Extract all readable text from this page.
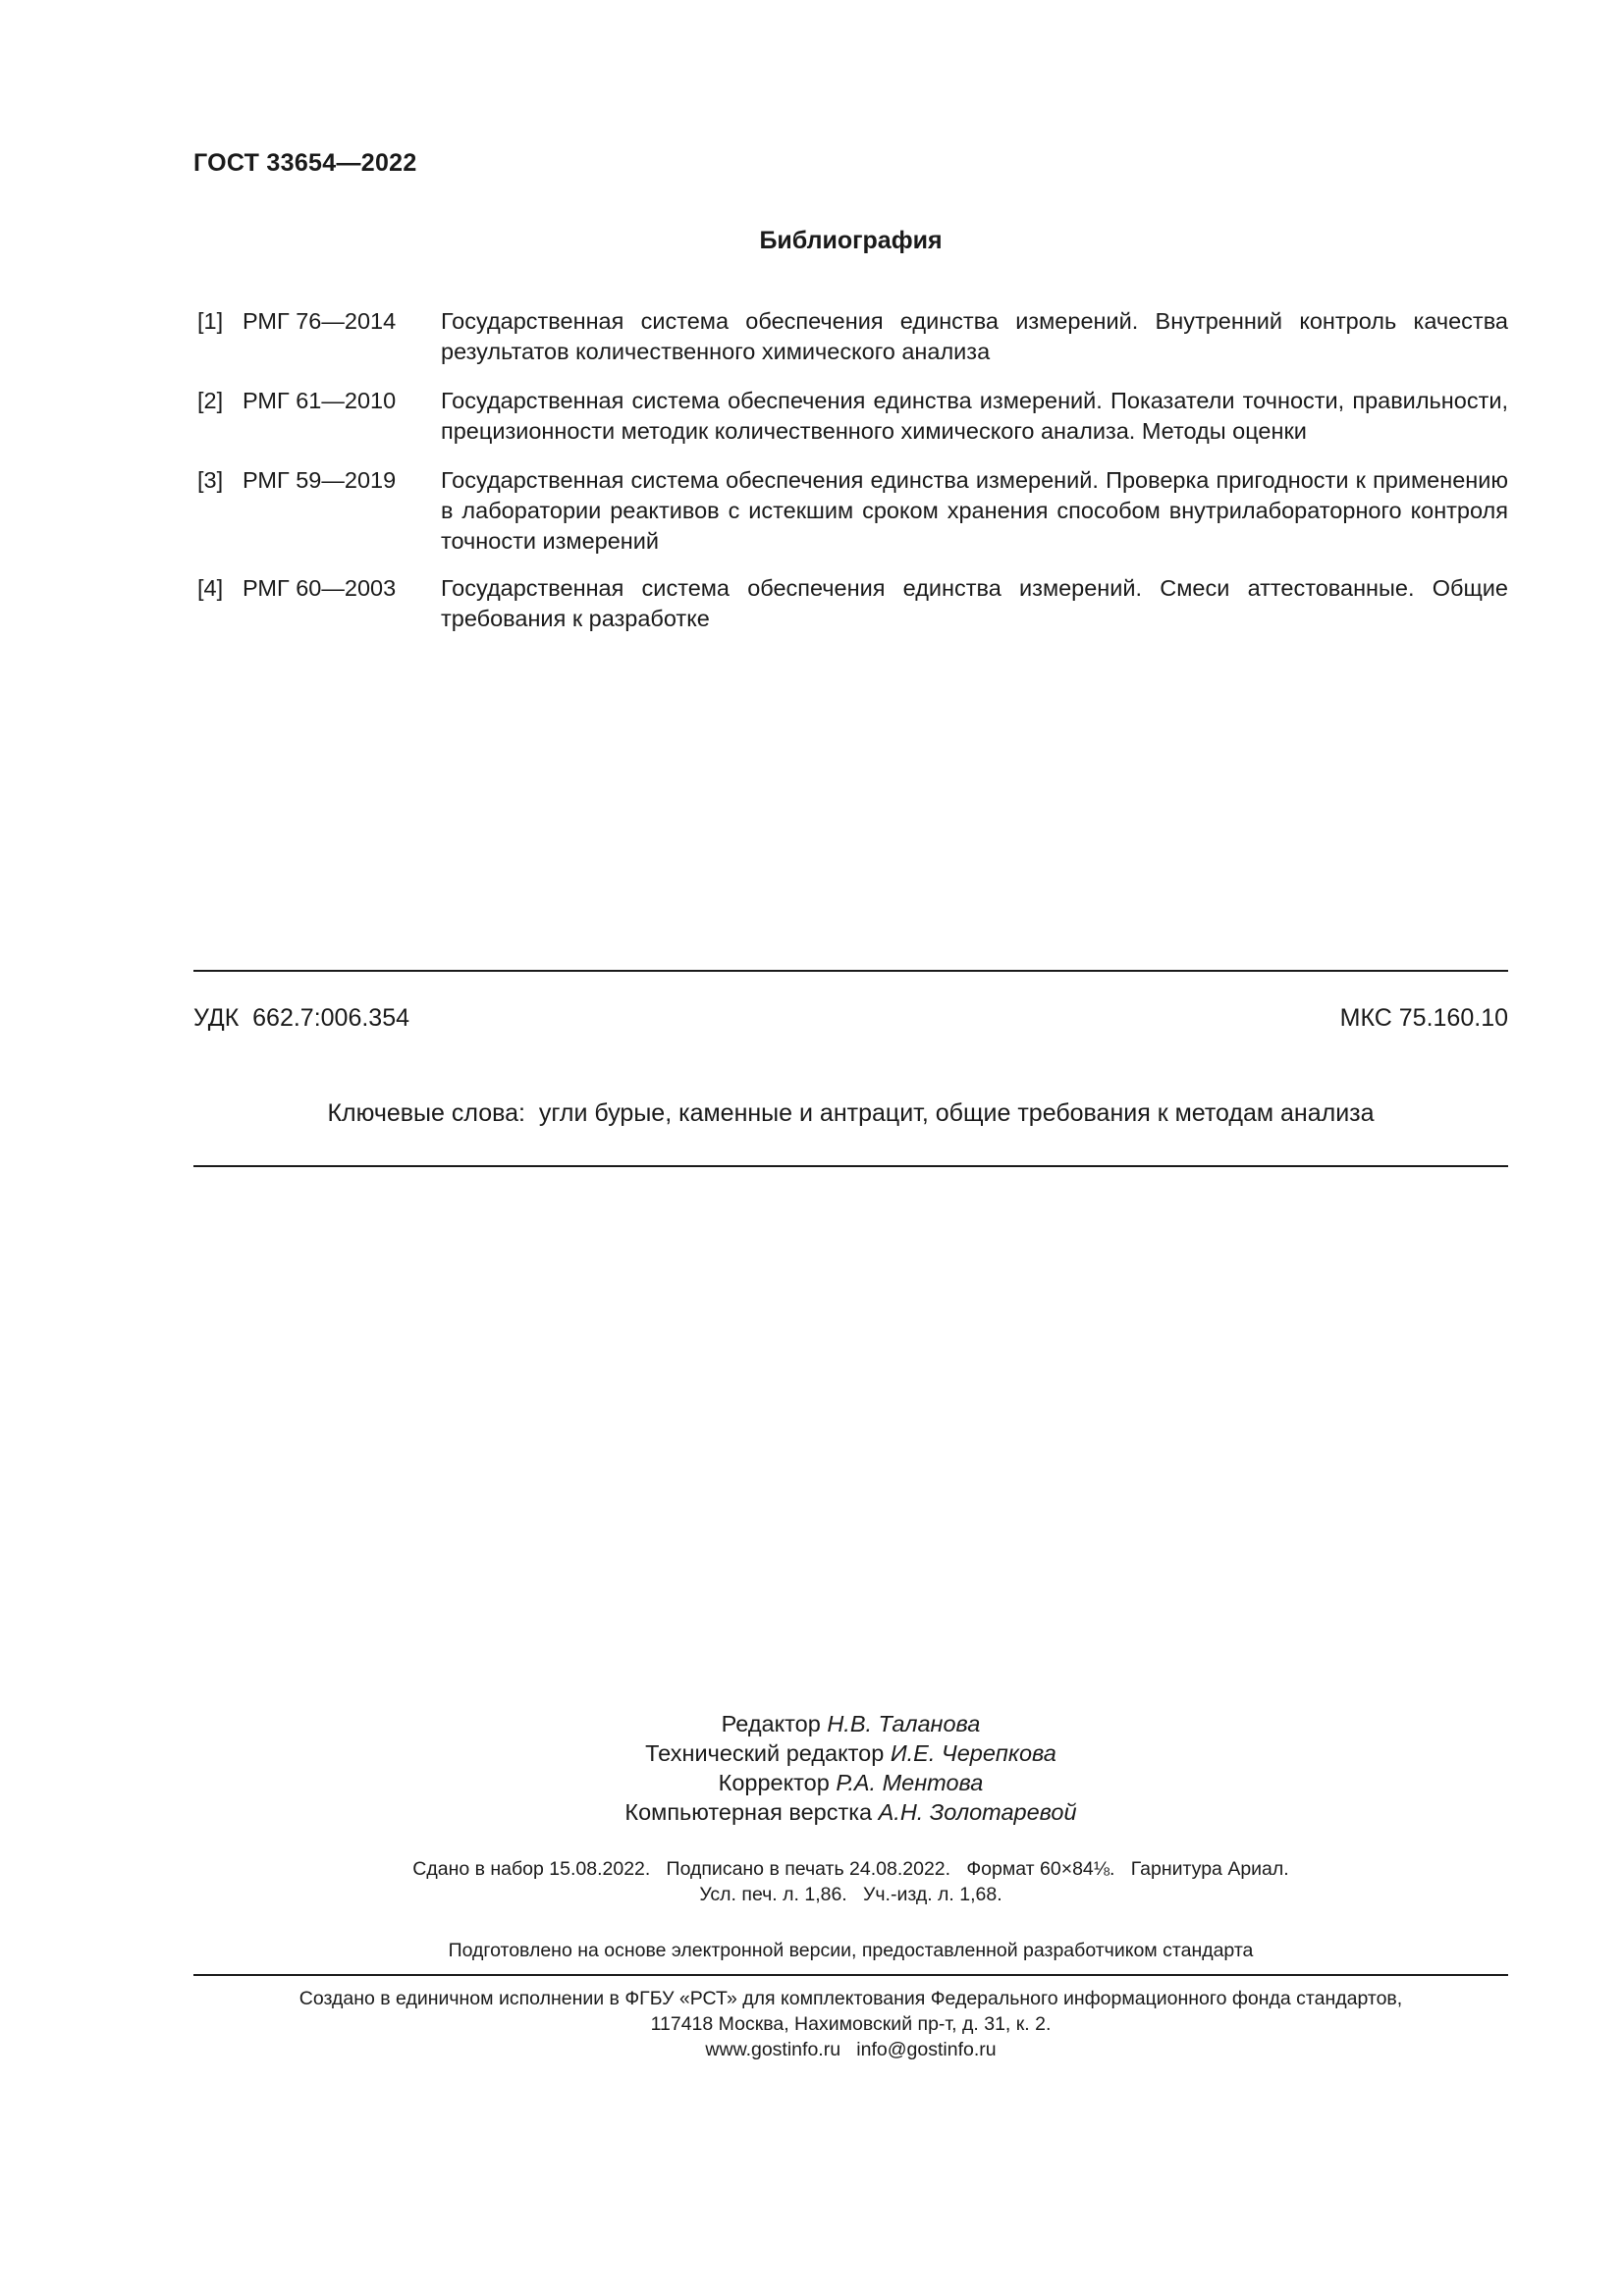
ГОСТ 33654—2022
Библиография
[1] РМГ 76—2014 Государственная система обеспечения единства измерений. Внутренний контроль качества результатов количественного химического анализа
[2] РМГ 61—2010 Государственная система обеспечения единства измерений. Показатели точности, правильности, прецизионности методик количественного химического анализа. Методы оценки
[3] РМГ 59—2019 Государственная система обеспечения единства измерений. Проверка пригодности к применению в лаборатории реактивов с истекшим сроком хранения способом внутрилабораторного контроля точности измерений
[4] РМГ 60—2003 Государственная система обеспечения единства измерений. Смеси аттестованные. Общие требования к разработке
УДК  662.7:006.354	МКС 75.160.10
Ключевые слова:  угли бурые, каменные и антрацит, общие требования к методам анализа
Редактор Н.В. Таланова
Технический редактор И.Е. Черепкова
Корректор Р.А. Ментова
Компьютерная верстка А.Н. Золотаревой
Сдано в набор 15.08.2022.   Подписано в печать 24.08.2022.   Формат 60×84⅛.   Гарнитура Ариал.
Усл. печ. л. 1,86.   Уч.-изд. л. 1,68.
Подготовлено на основе электронной версии, предоставленной разработчиком стандарта
Создано в единичном исполнении в ФГБУ «РСТ» для комплектования Федерального информационного фонда стандартов,
117418 Москва, Нахимовский пр-т, д. 31, к. 2.
www.gostinfo.ru   info@gostinfo.ru
